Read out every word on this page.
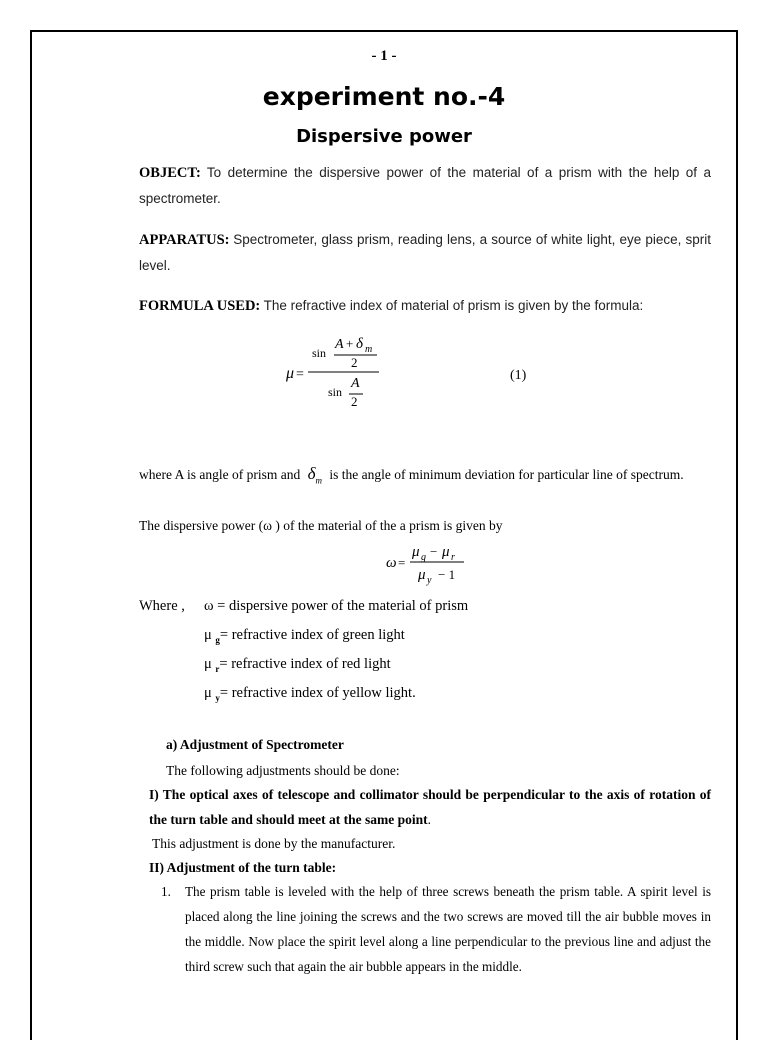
- 1 -
experiment no.-4
Dispersive power
OBJECT: To determine the dispersive power of the material of a prism with the help of a spectrometer.
APPARATUS: Spectrometer, glass prism, reading lens, a source of white light, eye piece, sprit level.
FORMULA USED: The refractive index of material of prism is given by the formula:
μ =
sin
A + δ m
2
sin
A
2
(1)
where A is angle of prism and $\delta_m$ is the angle of minimum deviation for particular line of spectrum.
The dispersive power (ω ) of the material of the a prism is given by
ω =
μ g − μ r
μ y − 1
Where , ω = dispersive power of the material of prism
μ $_g$= refractive index of green light
μ $_r$= refractive index of red light
μ $_y$= refractive index of yellow light.
a) Adjustment of Spectrometer
The following adjustments should be done:
I) The optical axes of telescope and collimator should be perpendicular to the axis of rotation of the turn table and should meet at the same point.
This adjustment is done by the manufacturer.
II) Adjustment of the turn table:
1. The prism table is leveled with the help of three screws beneath the prism table. A spirit level is placed along the line joining the screws and the two screws are moved till the air bubble moves in the middle. Now place the spirit level along a line perpendicular to the previous line and adjust the third screw such that again the air bubble appears in the middle.
